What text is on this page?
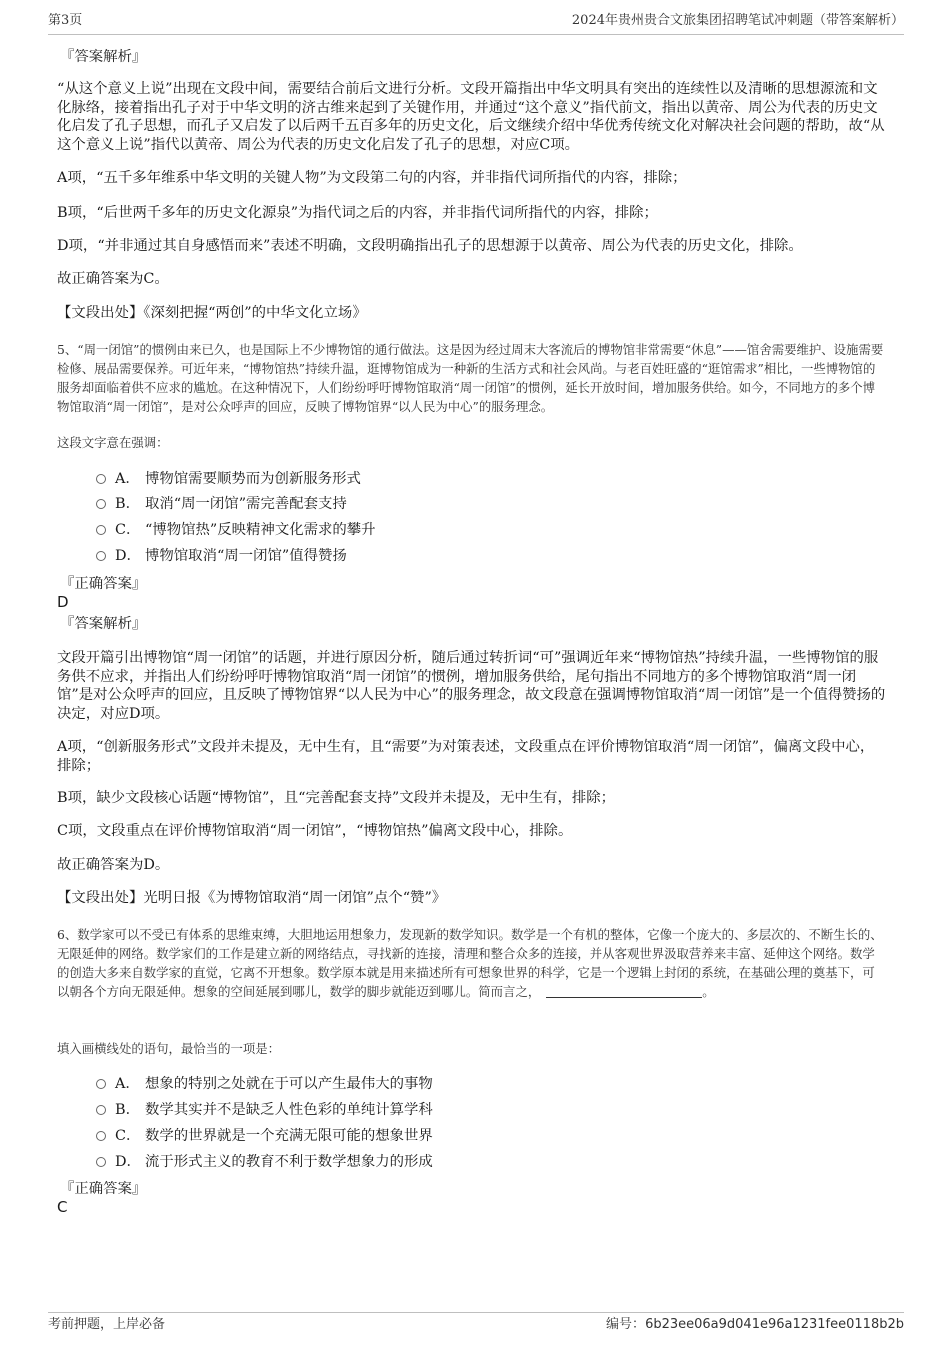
第3页	2024年贵州贵合文旅集团招聘笔试冲刺题（带答案解析）
『答案解析』
“从这个意义上说”出现在文段中间，需要结合前后文进行分析。文段开篇指出中华文明具有突出的连续性以及清晰的思想源流和文化脉络，接着指出孔子对于中华文明的济古维来起到了关键作用，并通过“这个意义”指代前文，指出以黄帝、周公为代表的历史文化启发了孔子思想，而孔子又启发了以后两千五百多年的历史文化，后文继续介绍中华优秀传统文化对解决社会问题的帮助，故“从这个意义上说”指代以黄帝、周公为代表的历史文化启发了孔子的思想，对应C项。
A项，“五千多年维系中华文明的关键人物”为文段第二句的内容，并非指代词所指代的内容，排除；
B项，“后世两千多年的历史文化源泉”为指代词之后的内容，并非指代词所指代的内容，排除；
D项，“并非通过其自身感悟而来”表述不明确，文段明确指出孔子的思想源于以黄帝、周公为代表的历史文化，排除。
故正确答案为C。
【文段出处】《深刻把握“两创”的中华文化立场》
5、“周一闭馆”的惯例由来已久，也是国际上不少博物馆的通行做法。这是因为经过周末大客流后的博物馆非常需要“休息”——馆舍需要维护、设施需要检修、展品需要保养。可近年来，“博物馆热”持续升温，逛博物馆成为一种新的生活方式和社会风尚。与老百姓旺盛的“逛馆需求”相比，一些博物馆的服务却面临着供不应求的尴尬。在这种情况下，人们纷纷呼吁博物馆取消“周一闭馆”的惯例，延长开放时间，增加服务供给。如今，不同地方的多个博物馆取消“周一闭馆”，是对公众呼声的回应，反映了博物馆界“以人民为中心”的服务理念。
这段文字意在强调：
A． 博物馆需要顺势而为创新服务形式
B． 取消“周一闭馆”需完善配套支持
C． “博物馆热”反映精神文化需求的攀升
D． 博物馆取消“周一闭馆”值得赞扬
『正确答案』
D
『答案解析』
文段开篇引出博物馆“周一闭馆”的话题，并进行原因分析，随后通过转折词“可”强调近年来“博物馆热”持续升温，一些博物馆的服务供不应求，并指出人们纷纷呼吁博物馆取消“周一闭馆”的惯例，增加服务供给，尾句指出不同地方的多个博物馆取消“周一闭馆”是对公众呼声的回应，且反映了博物馆界“以人民为中心”的服务理念，故文段意在强调博物馆取消“周一闭馆”是一个值得赞扬的决定，对应D项。
A项，“创新服务形式”文段并未提及，无中生有，且“需要”为对策表述，文段重点在评价博物馆取消“周一闭馆”，偏离文段中心，排除；
B项，缺少文段核心话题“博物馆”，且“完善配套支持”文段并未提及，无中生有，排除；
C项，文段重点在评价博物馆取消“周一闭馆”，“博物馆热”偏离文段中心，排除。
故正确答案为D。
【文段出处】光明日报《为博物馆取消“周一闭馆”点个“赞”》
6、数学家可以不受已有体系的思维束缚，大胆地运用想象力，发现新的数学知识。数学是一个有机的整体，它像一个庞大的、多层次的、不断生长的、无限延伸的网络。数学家们的工作是建立新的网络结点，寻找新的连接，清理和整合众多的连接，并从客观世界汲取营养来丰富、延伸这个网络。数学的创造大多来自数学家的直觉，它离不开想象。数学原本就是用来描述所有可想象世界的科学，它是一个逻辑上封闭的系统，在基础公理的奠基下，可以朝各个方向无限延伸。想象的空间延展到哪儿，数学的脚步就能迈到哪儿。简而言之，	。
填入画横线处的语句，最恰当的一项是：
A． 想象的特别之处就在于可以产生最伟大的事物
B． 数学其实并不是缺乏人性色彩的单纯计算学科
C． 数学的世界就是一个充满无限可能的想象世界
D． 流于形式主义的教育不利于数学想象力的形成
『正确答案』
C
考前押题，上岸必备	编号：6b23ee06a9d041e96a1231fee0118b2b
